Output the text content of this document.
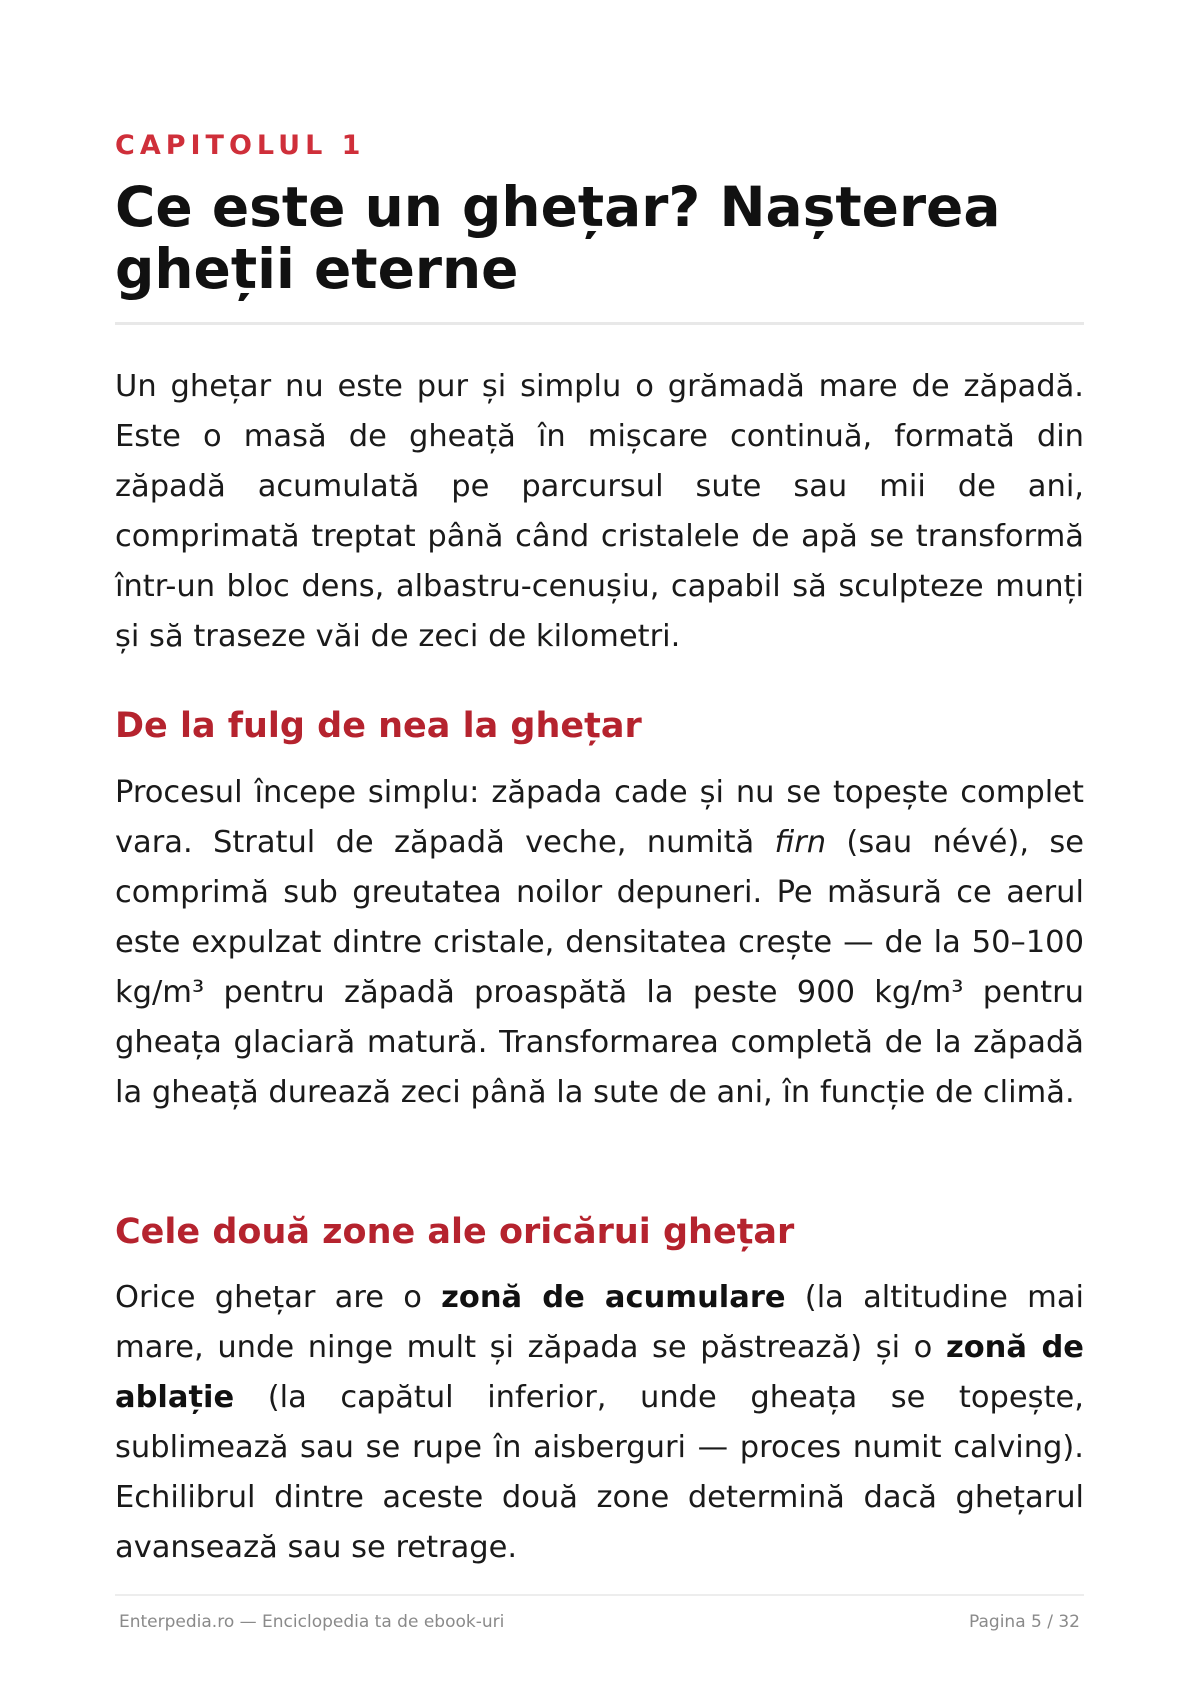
CAPITOLUL 1
Ce este un ghețar? Nașterea
gheții eterne

Un ghețar nu este pur și simplu o grămadă mare de zăpadă. Este o masă de gheață în mișcare continuă, formată din zăpadă acumulată pe parcursul sute sau mii de ani, comprimată treptat până când cristalele de apă se transformă într-un bloc dens, albastru-cenușiu, capabil să sculpteze munți și să traseze văi de zeci de kilometri.

De la fulg de nea la ghețar

Procesul începe simplu: zăpada cade și nu se topește complet vara. Stratul de zăpadă veche, numită firn (sau névé), se comprimă sub greutatea noilor depuneri. Pe măsură ce aerul este expulzat dintre cristale, densitatea crește — de la 50–100 kg/m³ pentru zăpadă proaspătă la peste 900 kg/m³ pentru gheața glaciară matură. Transformarea completă de la zăpadă la gheață durează zeci până la sute de ani, în funcție de climă.

Cele două zone ale oricărui ghețar

Orice ghețar are o zonă de acumulare (la altitudine mai mare, unde ninge mult și zăpada se păstrează) și o zonă de ablație (la capătul inferior, unde gheața se topește, sublimează sau se rupe în aisberguri — proces numit calving). Echilibrul dintre aceste două zone determină dacă ghețarul avansează sau se retrage.

Enterpedia.ro — Enciclopedia ta de ebook-uri	Pagina 5 / 32
